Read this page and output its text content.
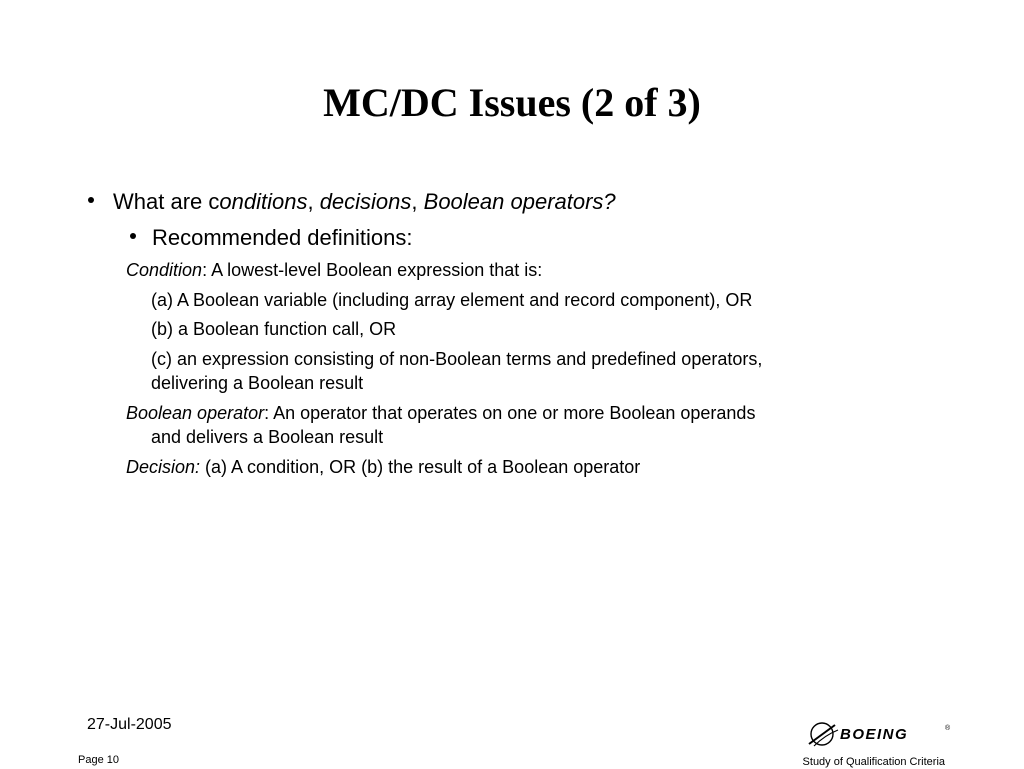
MC/DC Issues (2 of 3)
What are conditions, decisions, Boolean operators?
Recommended definitions:

Condition: A lowest-level Boolean expression that is:

(a) A Boolean variable (including array element and record component), OR

(b) a Boolean function call, OR

(c) an expression consisting of non-Boolean terms and predefined operators,

delivering a Boolean result

Boolean operator: An operator that operates on one or more Boolean operands

and delivers a Boolean result

Decision: (a) A condition, OR (b) the result of a Boolean operator

27-Jul-2005
Page 10	Study of Qualification Criteria
BOEING	®
